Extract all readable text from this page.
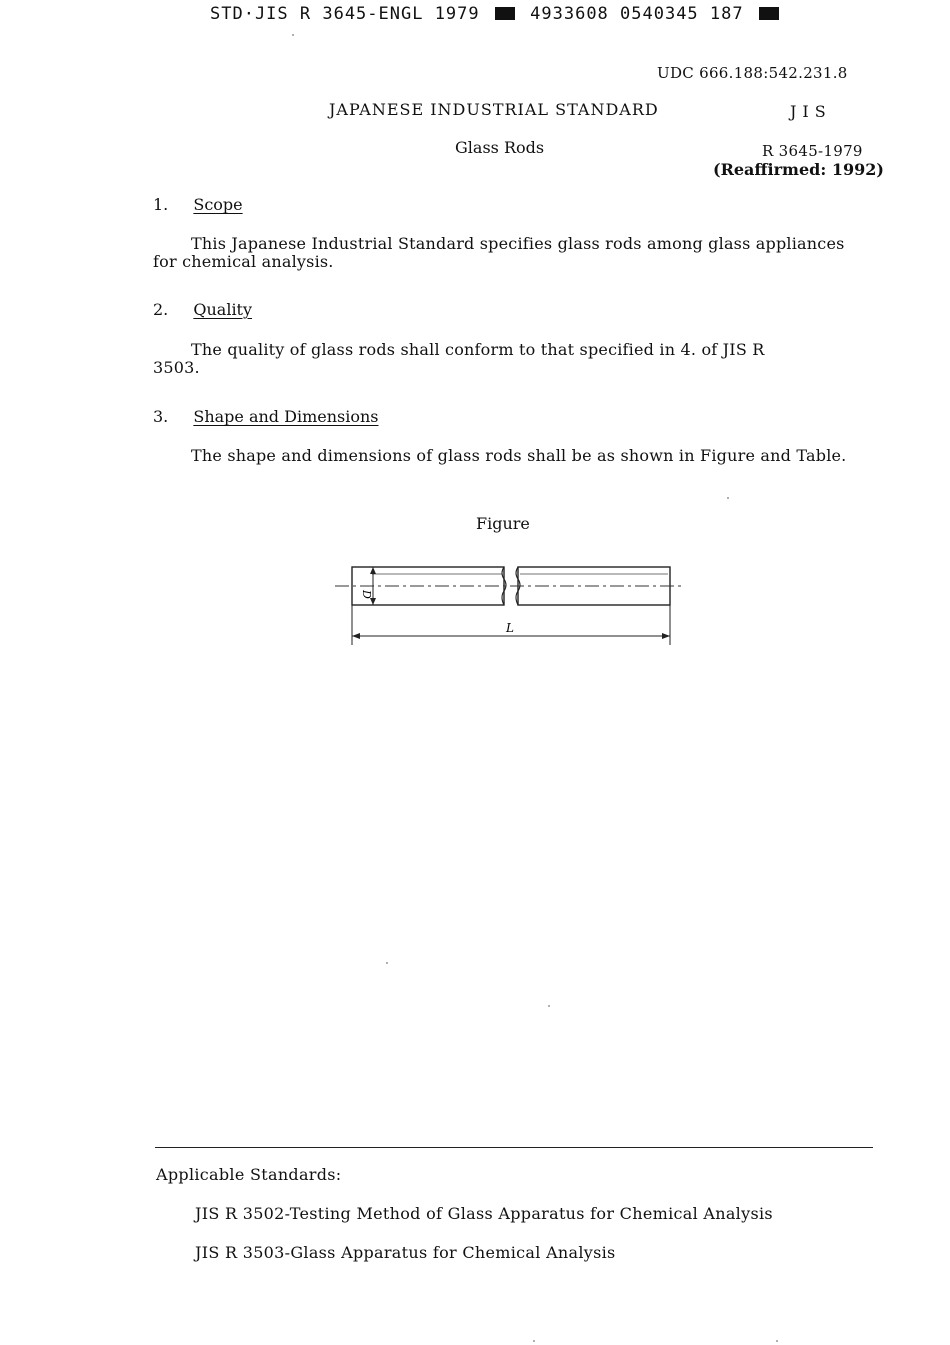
STD·JIS R 3645-ENGL 1979	4933608 0540345 187
UDC 666.188:542.231.8
JAPANESE INDUSTRIAL STANDARD	JIS
Glass Rods	R 3645-1979
(Reaffirmed: 1992)
1. Scope
This Japanese Industrial Standard specifies glass rods among glass appliances for chemical analysis.
2. Quality
The quality of glass rods shall conform to that specified in 4. of JIS R 3503.
3. Shape and Dimensions
The shape and dimensions of glass rods shall be as shown in Figure and Table.
Figure
D
L
Applicable Standards:
JIS R 3502-Testing Method of Glass Apparatus for Chemical Analysis
JIS R 3503-Glass Apparatus for Chemical Analysis
